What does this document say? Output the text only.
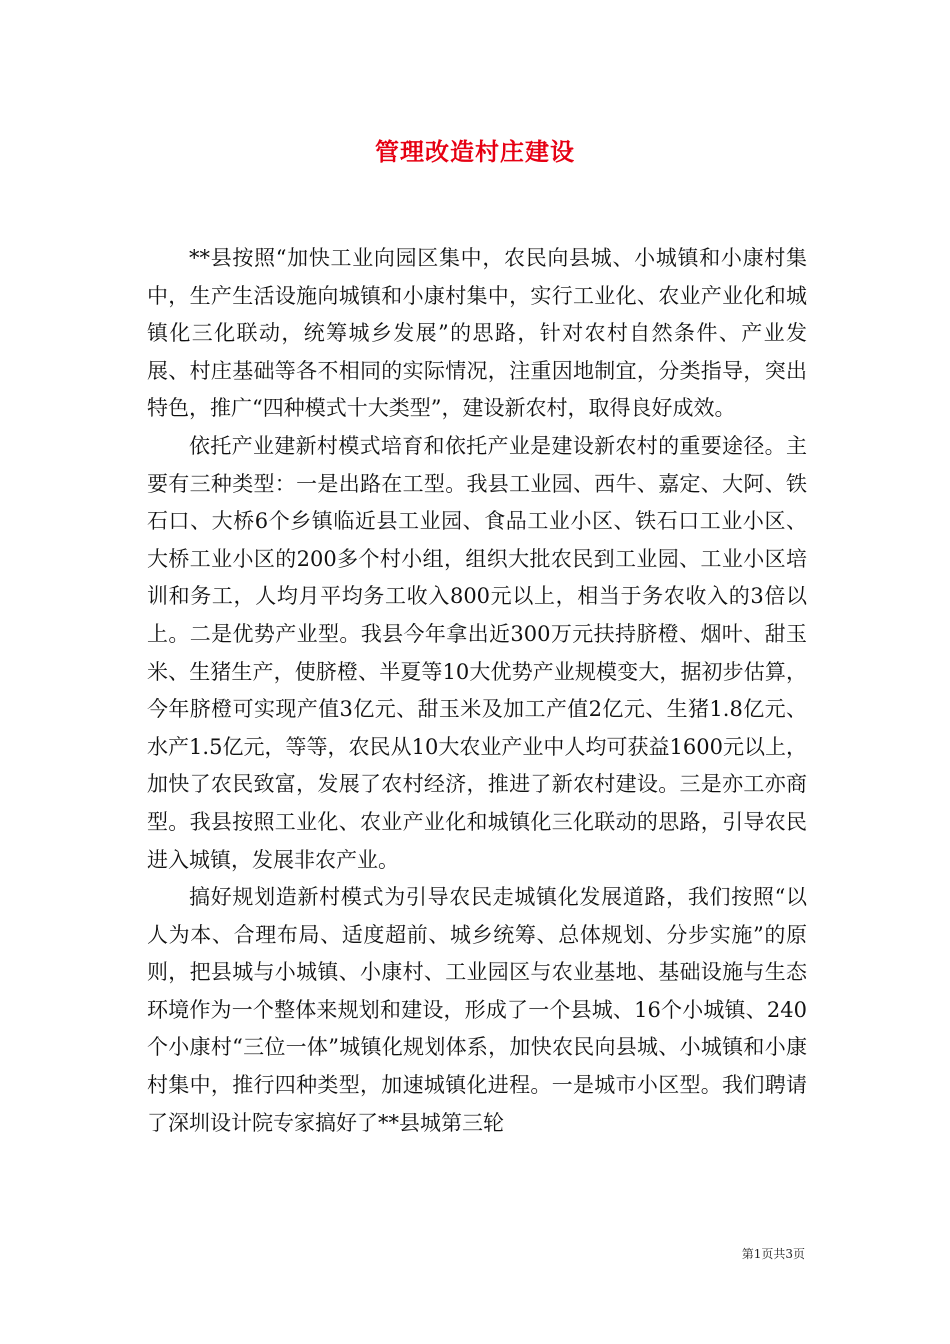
管理改造村庄建设

**县按照“加快工业向园区集中，农民向县城、小城镇和小康村集中，生产生活设施向城镇和小康村集中，实行工业化、农业产业化和城镇化三化联动，统筹城乡发展”的思路，针对农村自然条件、产业发展、村庄基础等各不相同的实际情况，注重因地制宜，分类指导，突出特色，推广“四种模式十大类型”，建设新农村，取得良好成效。

依托产业建新村模式培育和依托产业是建设新农村的重要途径。主要有三种类型：一是出路在工型。我县工业园、西牛、嘉定、大阿、铁石口、大桥6个乡镇临近县工业园、食品工业小区、铁石口工业小区、大桥工业小区的200多个村小组，组织大批农民到工业园、工业小区培训和务工，人均月平均务工收入800元以上，相当于务农收入的3倍以上。二是优势产业型。我县今年拿出近300万元扶持脐橙、烟叶、甜玉米、生猪生产，使脐橙、半夏等10大优势产业规模变大，据初步估算，今年脐橙可实现产值3亿元、甜玉米及加工产值2亿元、生猪1.8亿元、水产1.5亿元，等等，农民从10大农业产业中人均可获益1600元以上，加快了农民致富，发展了农村经济，推进了新农村建设。三是亦工亦商型。我县按照工业化、农业产业化和城镇化三化联动的思路，引导农民进入城镇，发展非农产业。

搞好规划造新村模式为引导农民走城镇化发展道路，我们按照“以人为本、合理布局、适度超前、城乡统筹、总体规划、分步实施”的原则，把县城与小城镇、小康村、工业园区与农业基地、基础设施与生态环境作为一个整体来规划和建设，形成了一个县城、16个小城镇、240个小康村“三位一体”城镇化规划体系，加快农民向县城、小城镇和小康村集中，推行四种类型，加速城镇化进程。一是城市小区型。我们聘请了深圳设计院专家搞好了**县城第三轮

第1页共3页
